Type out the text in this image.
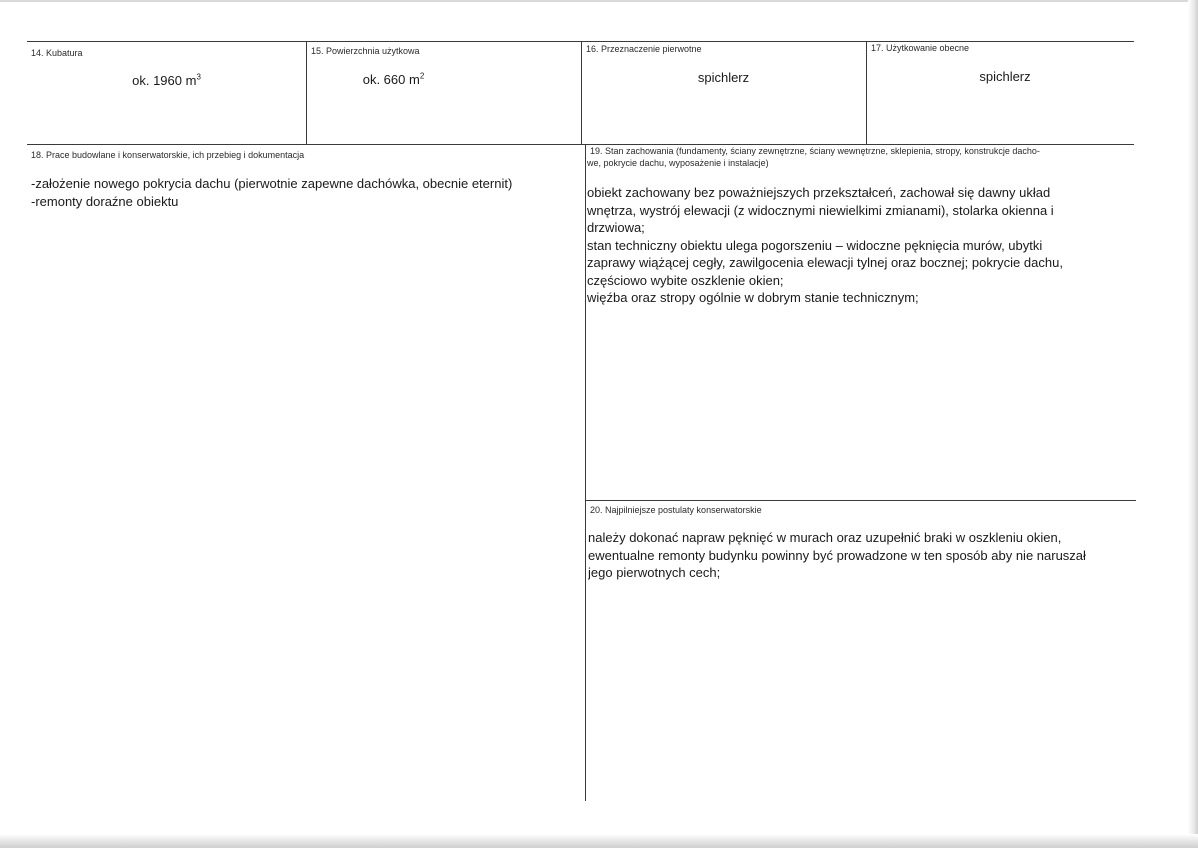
14. Kubatura
ok. 1960 $m^3$
15. Powierzchnia użytkowa
ok. 660 $m^2$
16. Przeznaczenie pierwotne
spichlerz
17. Użytkowanie obecne
spichlerz
18. Prace budowlane i konserwatorskie, ich przebieg i dokumentacja
-założenie nowego pokrycia dachu (pierwotnie zapewne dachówka, obecnie eternit)
-remonty doraźne obiektu
19. Stan zachowania (fundamenty, ściany zewnętrzne, ściany wewnętrzne, sklepienia, stropy, konstrukcje dacho-
we, pokrycie dachu, wyposażenie i instalacje)
obiekt zachowany bez poważniejszych przekształceń, zachował się dawny układ
wnętrza, wystrój elewacji (z widocznymi niewielkimi zmianami), stolarka okienna i
drzwiowa;
stan techniczny obiektu ulega pogorszeniu – widoczne pęknięcia murów, ubytki
zaprawy wiążącej cegły, zawilgocenia elewacji tylnej oraz bocznej; pokrycie dachu,
częściowo wybite oszklenie okien;
więźba oraz stropy ogólnie w dobrym stanie technicznym;
20. Najpilniejsze postulaty konserwatorskie
należy dokonać napraw pęknięć w murach oraz uzupełnić braki w oszkleniu okien,
ewentualne remonty budynku powinny być prowadzone w ten sposób aby nie naruszał
jego pierwotnych cech;
